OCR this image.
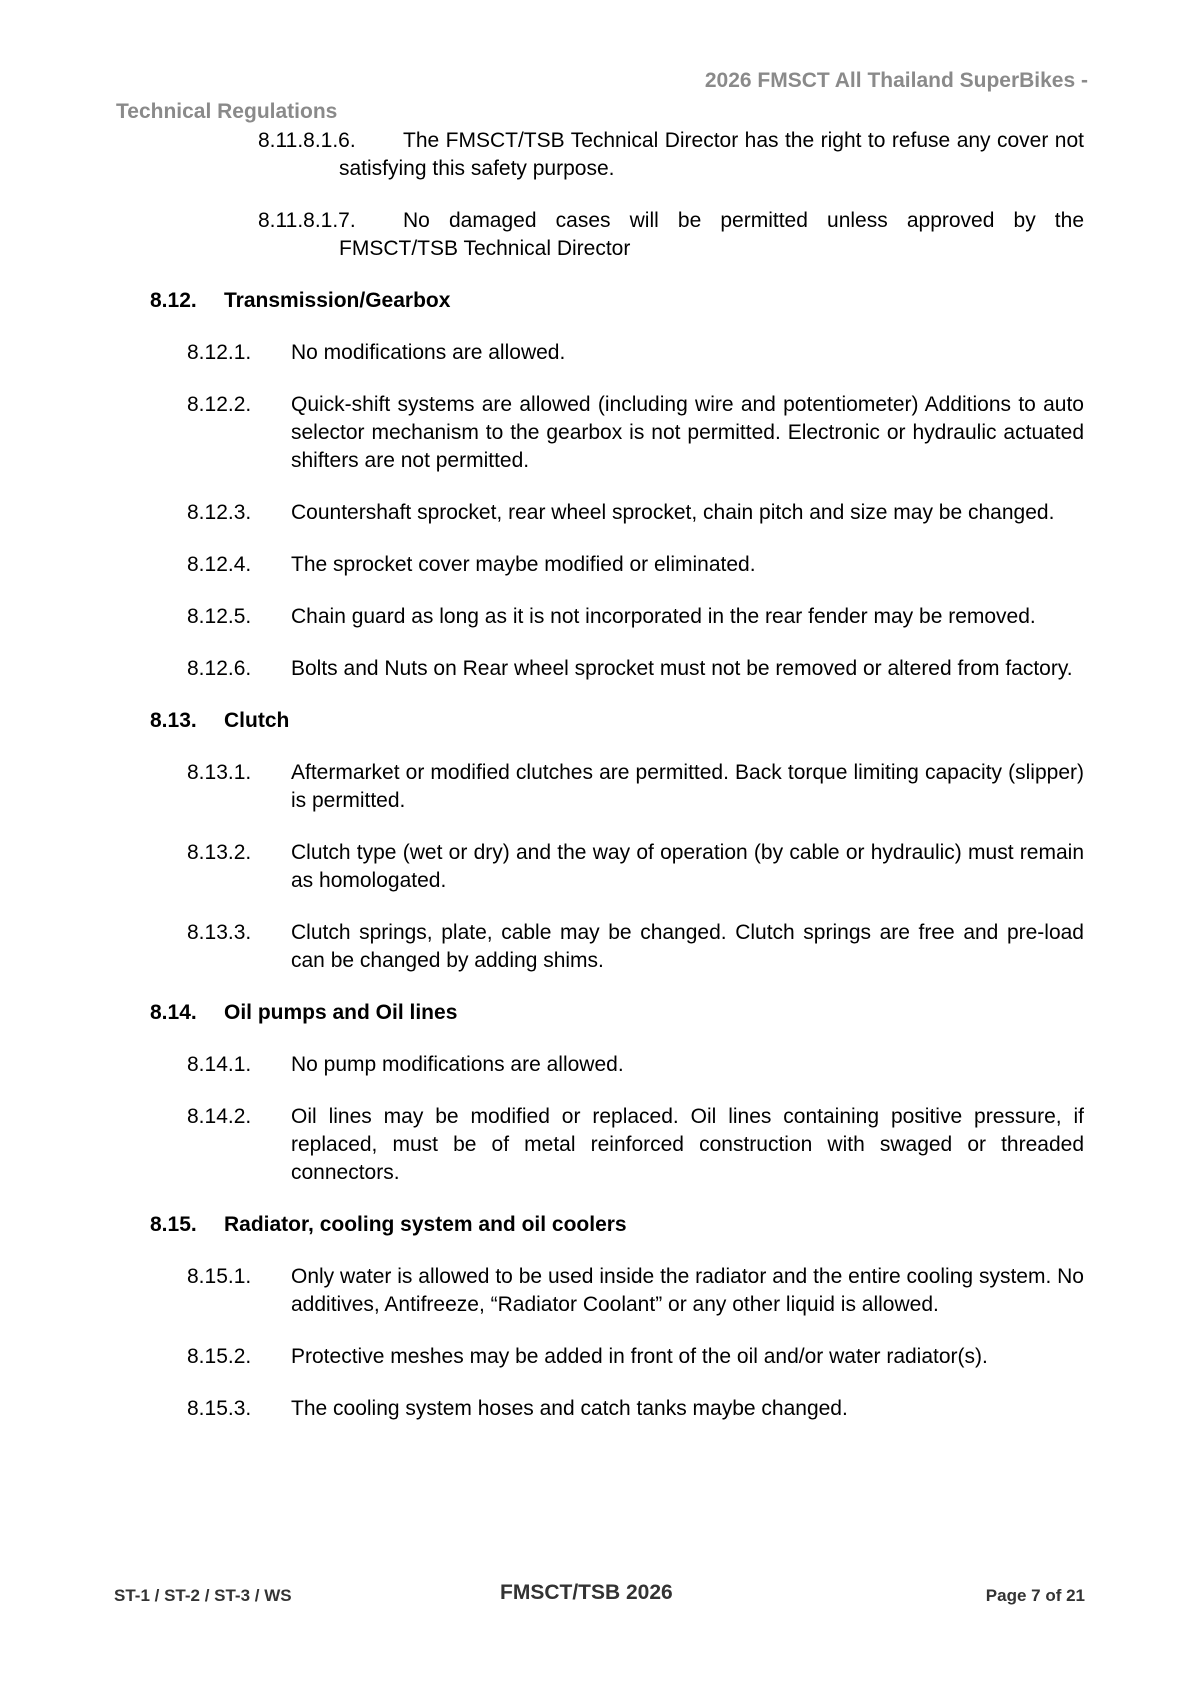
2026 FMSCT All Thailand SuperBikes -
Technical Regulations
8.11.8.1.6.	The FMSCT/TSB Technical Director has the right to refuse any cover not satisfying this safety purpose.
8.11.8.1.7.	No damaged cases will be permitted unless approved by the FMSCT/TSB Technical Director
8.12. Transmission/Gearbox
8.12.1. No modifications are allowed.
8.12.2. Quick-shift systems are allowed (including wire and potentiometer) Additions to auto selector mechanism to the gearbox is not permitted. Electronic or hydraulic actuated shifters are not permitted.
8.12.3. Countershaft sprocket, rear wheel sprocket, chain pitch and size may be changed.
8.12.4. The sprocket cover maybe modified or eliminated.
8.12.5. Chain guard as long as it is not incorporated in the rear fender may be removed.
8.12.6. Bolts and Nuts on Rear wheel sprocket must not be removed or altered from factory.
8.13. Clutch
8.13.1. Aftermarket or modified clutches are permitted. Back torque limiting capacity (slipper) is permitted.
8.13.2. Clutch type (wet or dry) and the way of operation (by cable or hydraulic) must remain as homologated.
8.13.3. Clutch springs, plate, cable may be changed. Clutch springs are free and pre-load can be changed by adding shims.
8.14. Oil pumps and Oil lines
8.14.1. No pump modifications are allowed.
8.14.2. Oil lines may be modified or replaced. Oil lines containing positive pressure, if replaced, must be of metal reinforced construction with swaged or threaded connectors.
8.15. Radiator, cooling system and oil coolers
8.15.1. Only water is allowed to be used inside the radiator and the entire cooling system. No additives, Antifreeze, “Radiator Coolant” or any other liquid is allowed.
8.15.2. Protective meshes may be added in front of the oil and/or water radiator(s).
8.15.3. The cooling system hoses and catch tanks maybe changed.
ST-1 / ST-2 / ST-3 / WS	FMSCT/TSB 2026	Page 7 of 21
